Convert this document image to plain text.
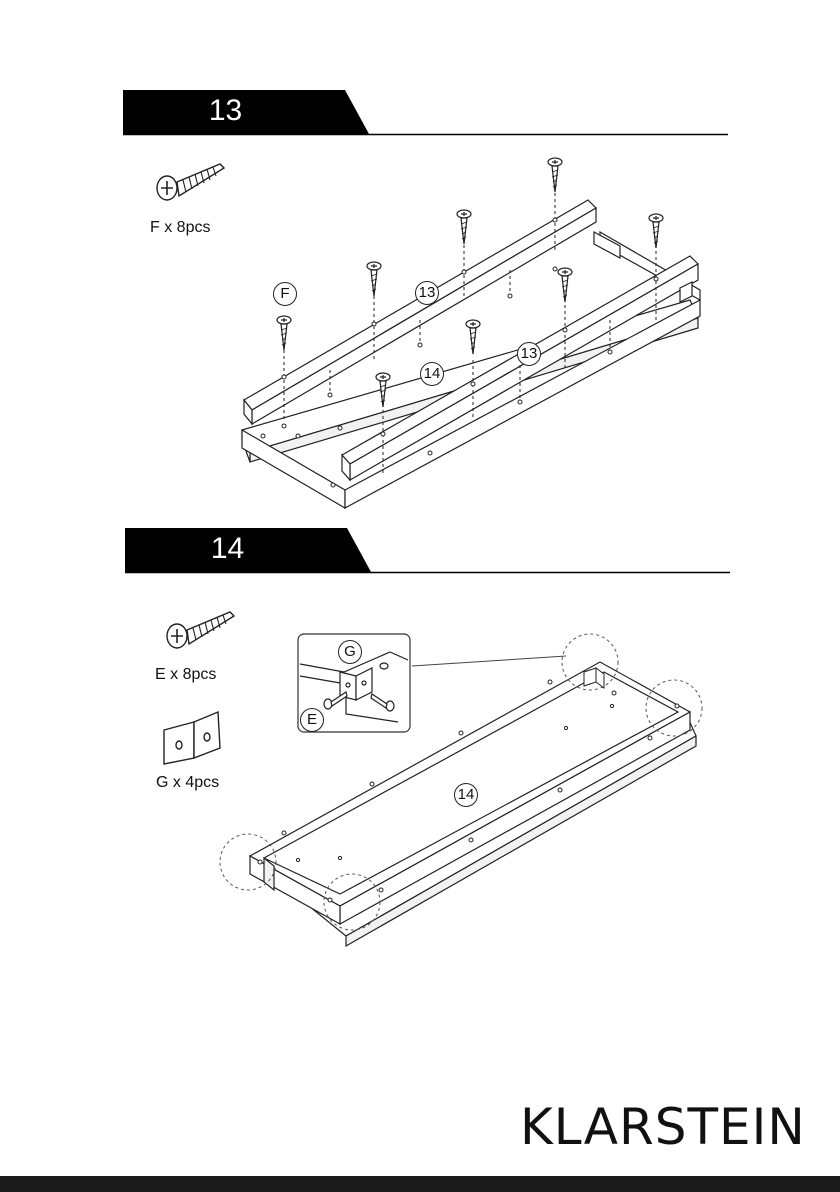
13
F x 8pcs
F	13
13
14
14
E x 8pcs
G x 4pcs
G
E
14
KLARSTEIN
